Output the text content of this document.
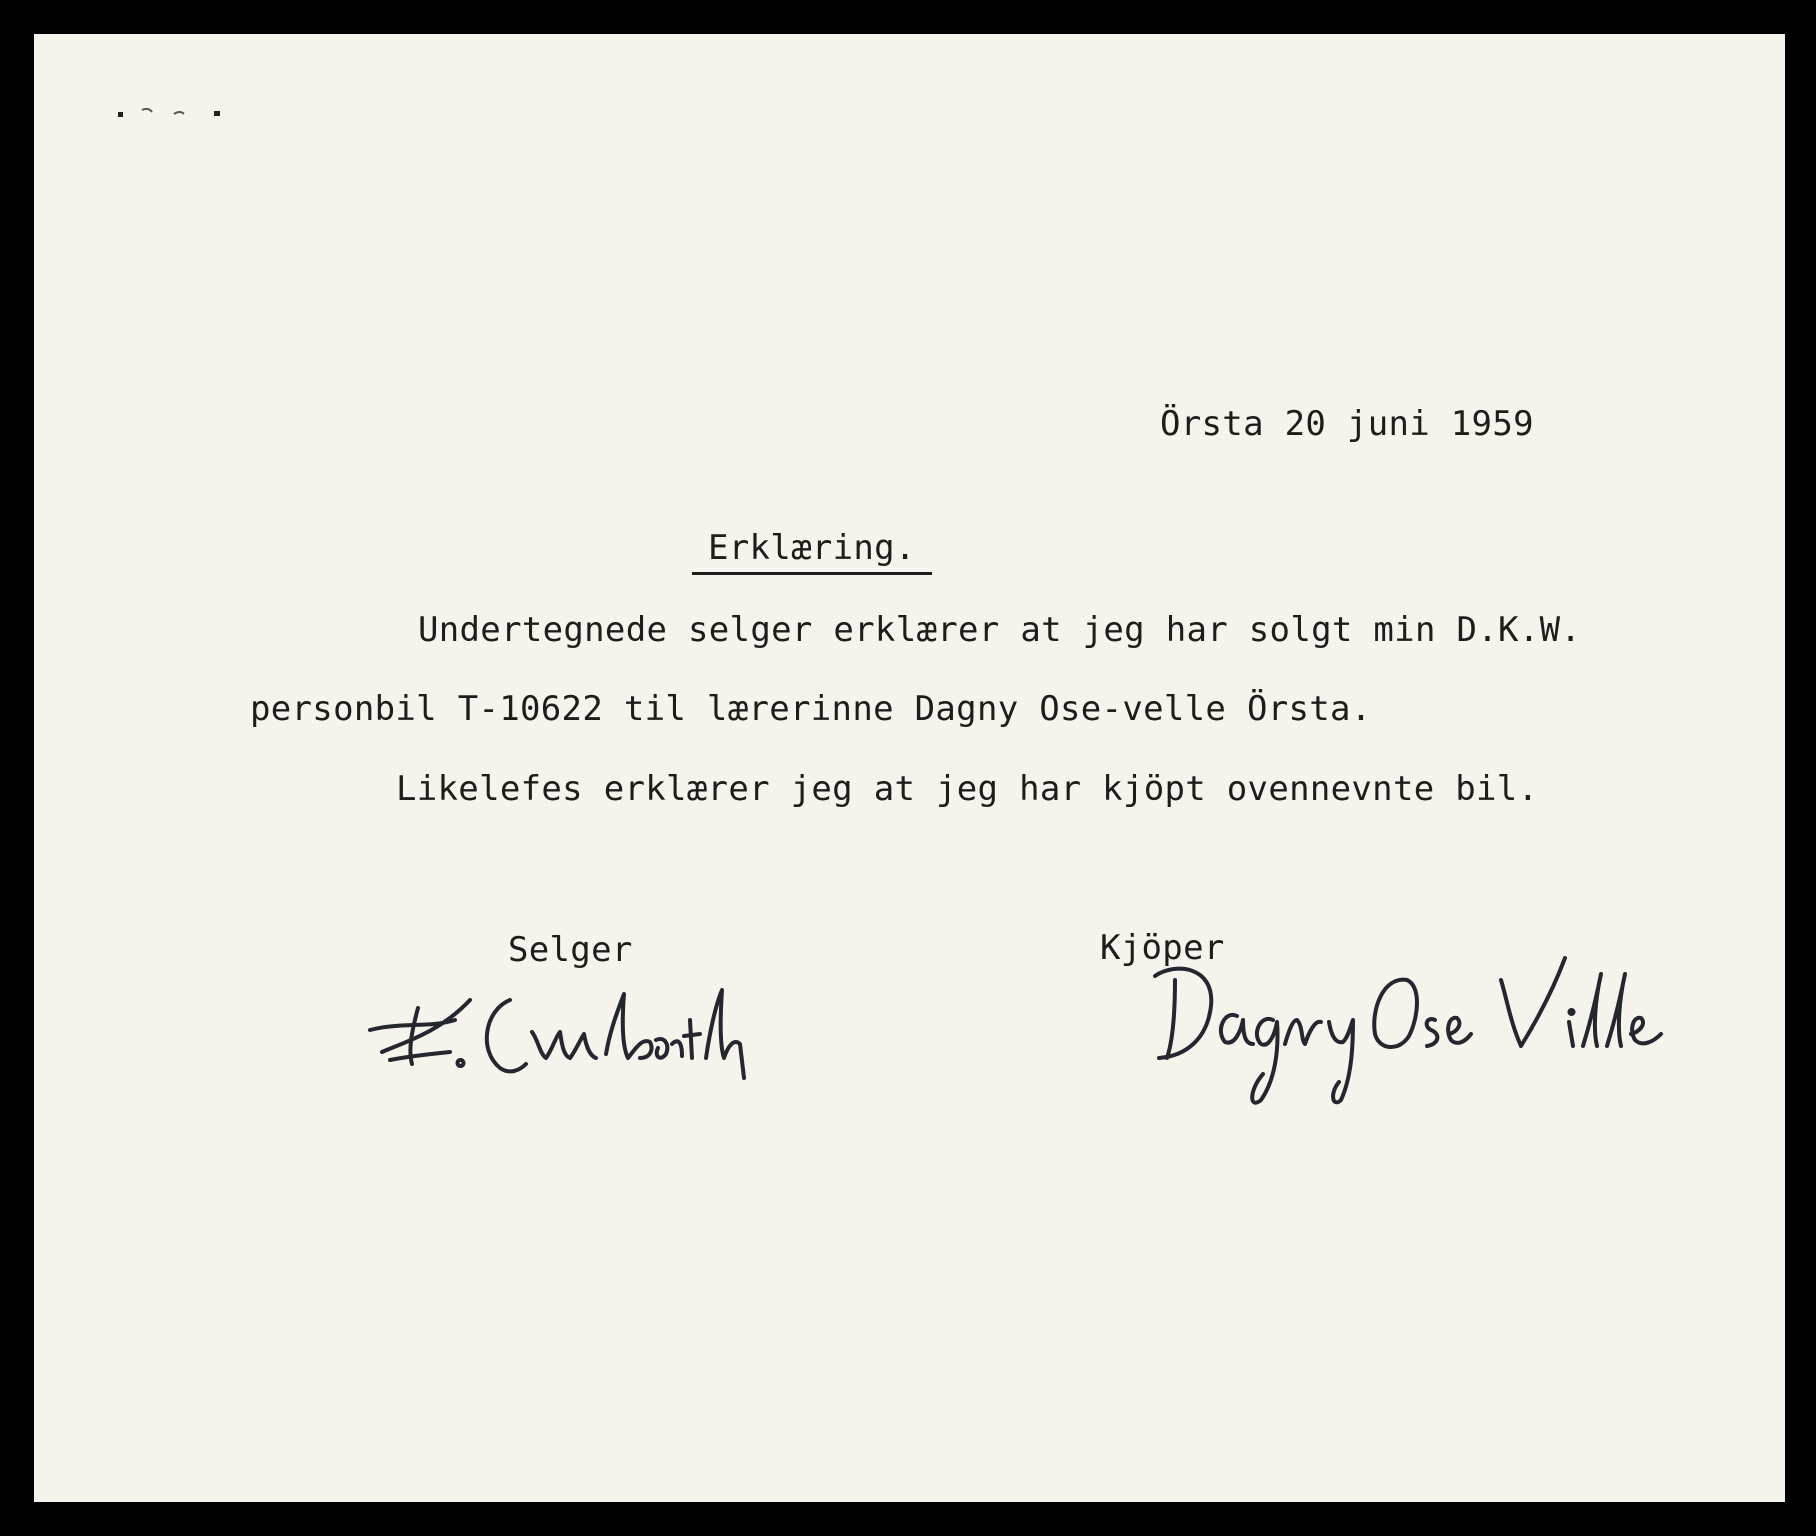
Örsta 20 juni 1959
Erklæring.
Undertegnede selger erklærer at jeg har solgt min D.K.W.
personbil T-10622 til lærerinne Dagny Ose-velle Örsta.
Likelefes erklærer jeg at jeg har kjöpt ovennevnte bil.
Selger	Kjöper
